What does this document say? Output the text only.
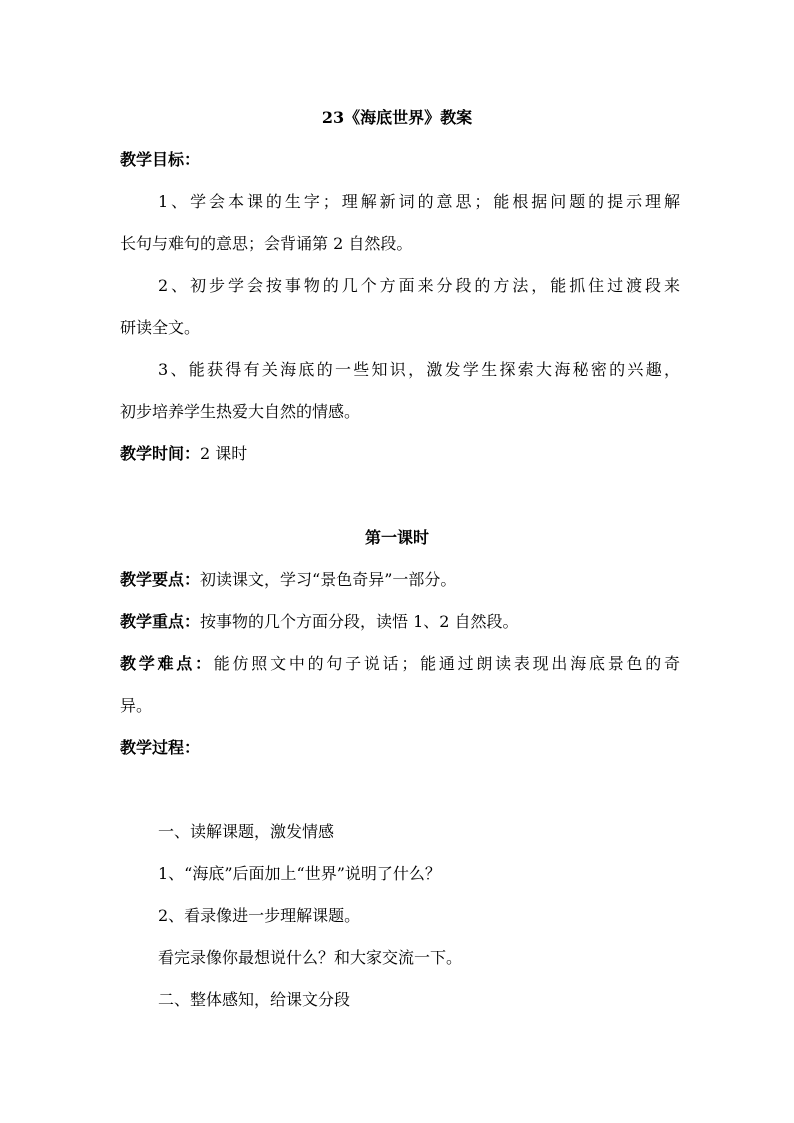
23《海底世界》教案
教学目标：
1、学会本课的生字；理解新词的意思；能根据问题的提示理解
长句与难句的意思；会背诵第 2 自然段。
2、初步学会按事物的几个方面来分段的方法，能抓住过渡段来
研读全文。
3、能获得有关海底的一些知识，激发学生探索大海秘密的兴趣，
初步培养学生热爱大自然的情感。
教学时间：2 课时
第一课时
教学要点：初读课文，学习“景色奇异”一部分。
教学重点：按事物的几个方面分段，读悟 1、2 自然段。
教学难点：能仿照文中的句子说话；能通过朗读表现出海底景色的奇
异。
教学过程：
一、读解课题，激发情感
1、“海底”后面加上“世界”说明了什么？
2、看录像进一步理解课题。
看完录像你最想说什么？和大家交流一下。
二、整体感知，给课文分段
